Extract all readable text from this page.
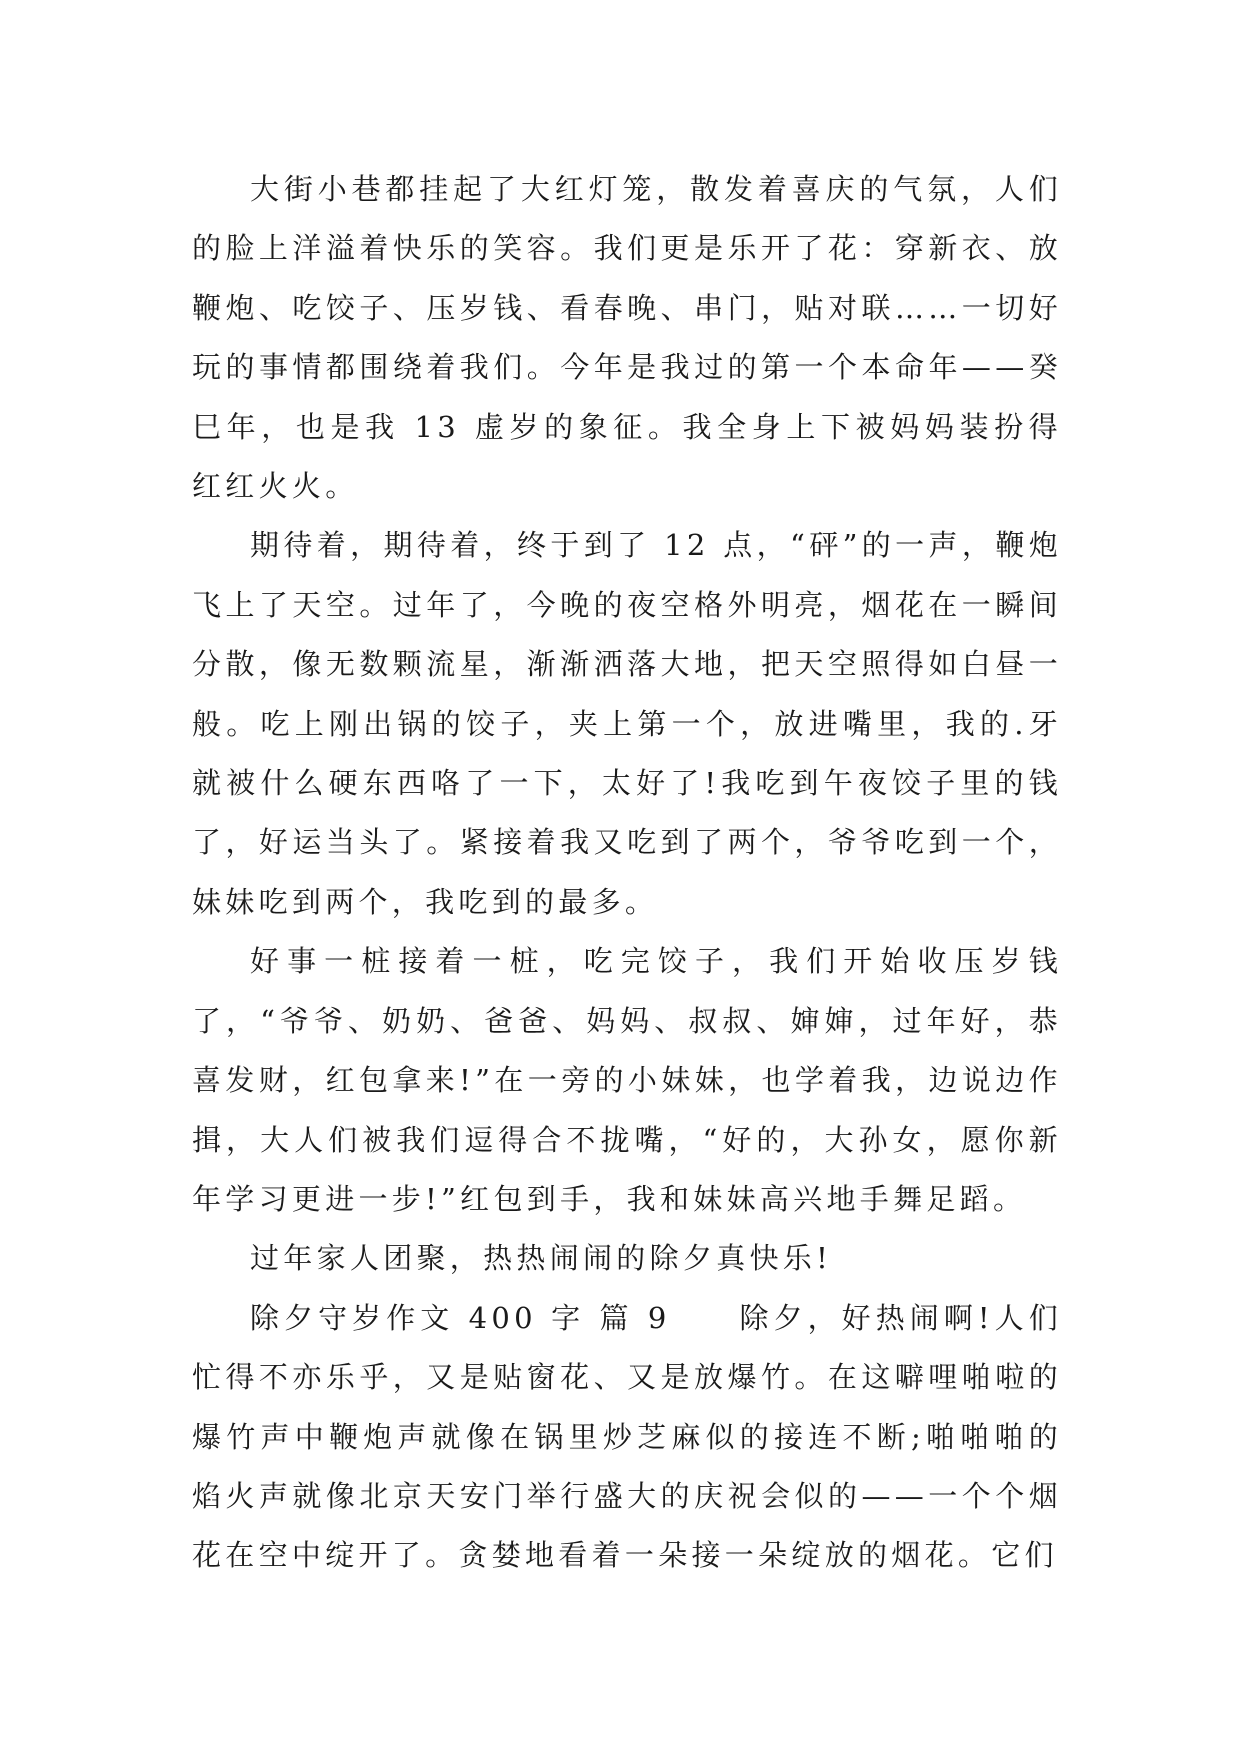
大街小巷都挂起了大红灯笼，散发着喜庆的气氛，人们的脸上洋溢着快乐的笑容。我们更是乐开了花：穿新衣、放鞭炮、吃饺子、压岁钱、看春晚、串门，贴对联……一切好玩的事情都围绕着我们。今年是我过的第一个本命年——癸巳年，也是我 13 虚岁的象征。我全身上下被妈妈装扮得红红火火。

期待着，期待着，终于到了 12 点，“砰”的一声，鞭炮飞上了天空。过年了，今晚的夜空格外明亮，烟花在一瞬间分散，像无数颗流星，渐渐洒落大地，把天空照得如白昼一般。吃上刚出锅的饺子，夹上第一个，放进嘴里，我的.牙就被什么硬东西咯了一下，太好了!我吃到午夜饺子里的钱了，好运当头了。紧接着我又吃到了两个，爷爷吃到一个，妹妹吃到两个，我吃到的最多。

好事一桩接着一桩，吃完饺子，我们开始收压岁钱了，“爷爷、奶奶、爸爸、妈妈、叔叔、婶婶，过年好，恭喜发财，红包拿来!”在一旁的小妹妹，也学着我，边说边作揖，大人们被我们逗得合不拢嘴，“好的，大孙女，愿你新年学习更进一步!”红包到手，我和妹妹高兴地手舞足蹈。

过年家人团聚，热热闹闹的除夕真快乐!

除夕守岁作文 400 字 篇 9　　除夕，好热闹啊!人们忙得不亦乐乎，又是贴窗花、又是放爆竹。在这噼哩啪啦的爆竹声中鞭炮声就像在锅里炒芝麻似的接连不断;啪啪啪的焰火声就像北京天安门举行盛大的庆祝会似的——一个个烟花在空中绽开了。贪婪地看着一朵接一朵绽放的烟花。它们
